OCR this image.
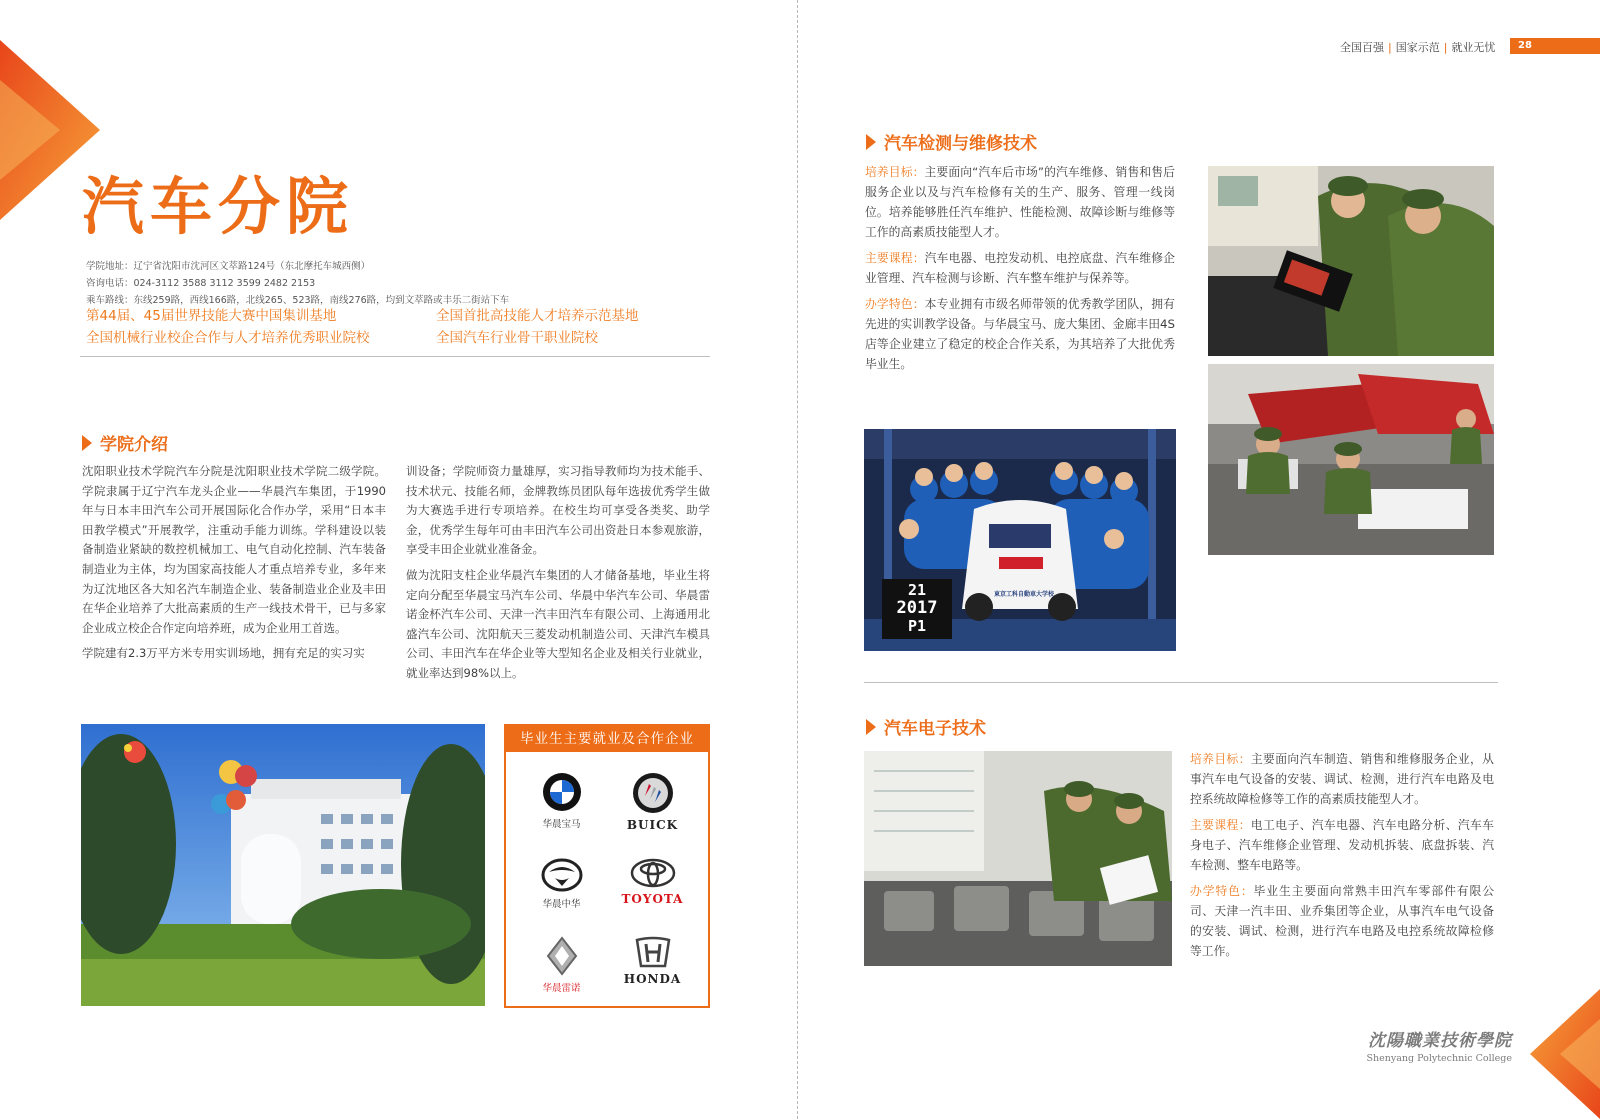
汽车分院
学院地址：辽宁省沈阳市沈河区文萃路124号（东北摩托车城西侧）
咨询电话：024-3112 3588 3112 3599 2482 2153
乘车路线：东线259路，西线166路，北线265、523路，南线276路，均到文萃路或丰乐二街站下车
第44届、45届世界技能大赛中国集训基地	全国首批高技能人才培养示范基地
全国机械行业校企合作与人才培养优秀职业院校	全国汽车行业骨干职业院校
学院介绍

沈阳职业技术学院汽车分院是沈阳职业技术学院二级学院。学院隶属于辽宁汽车龙头企业——华晨汽车集团，于1990年与日本丰田汽车公司开展国际化合作办学，采用“日本丰田教学模式”开展教学，注重动手能力训练。学科建设以装备制造业紧缺的数控机械加工、电气自动化控制、汽车装备制造业为主体，均为国家高技能人才重点培养专业，多年来为辽沈地区各大知名汽车制造企业、装备制造业企业及丰田在华企业培养了大批高素质的生产一线技术骨干，已与多家企业成立校企合作定向培养班，成为企业用工首选。

学院建有2.3万平方米专用实训场地，拥有充足的实习实

训设备；学院师资力量雄厚，实习指导教师均为技术能手、技术状元、技能名师，金牌教练员团队每年选拔优秀学生做为大赛选手进行专项培养。在校生均可享受各类奖、助学金，优秀学生每年可由丰田汽车公司出资赴日本参观旅游，享受丰田企业就业准备金。

做为沈阳支柱企业华晨汽车集团的人才储备基地，毕业生将定向分配至华晨宝马汽车公司、华晨中华汽车公司、华晨雷诺金杯汽车公司、天津一汽丰田汽车有限公司、上海通用北盛汽车公司、沈阳航天三菱发动机制造公司、天津汽车模具公司、丰田汽车在华企业等大型知名企业及相关行业就业，就业率达到98%以上。

毕业生主要就业及合作企业
华晨宝马	BUICK
华晨中华	TOYOTA
华晨雷诺
HONDA
全国百强 | 国家示范 | 就业无忧	28
汽车检测与维修技术

培养目标：主要面向“汽车后市场”的汽车维修、销售和售后服务企业以及与汽车检修有关的生产、服务、管理一线岗位。培养能够胜任汽车维护、性能检测、故障诊断与维修等工作的高素质技能型人才。

主要课程：汽车电器、电控发动机、电控底盘、汽车维修企业管理、汽车检测与诊断、汽车整车维护与保养等。

办学特色：本专业拥有市级名师带领的优秀教学团队，拥有先进的实训教学设备。与华晨宝马、庞大集团、金廊丰田4S店等企业建立了稳定的校企合作关系，为其培养了大批优秀毕业生。

21
2017
P1
東京工科自動車大学校
汽车电子技术

培养目标：主要面向汽车制造、销售和维修服务企业，从事汽车电气设备的安装、调试、检测，进行汽车电路及电控系统故障检修等工作的高素质技能型人才。

主要课程：电工电子、汽车电器、汽车电路分析、汽车车身电子、汽车维修企业管理、发动机拆装、底盘拆装、汽车检测、整车电路等。

办学特色：毕业生主要面向常熟丰田汽车零部件有限公司、天津一汽丰田、业乔集团等企业，从事汽车电气设备的安装、调试、检测，进行汽车电路及电控系统故障检修等工作。

沈陽職業技術學院
Shenyang Polytechnic College
